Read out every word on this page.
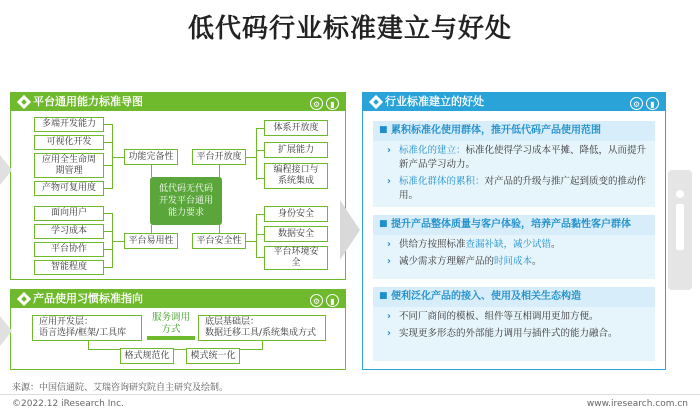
低代码行业标准建立与好处
平台通用能力标准导图	⚙ ▮
多端开发能力
可视化开发
应用全生命周期管理
产物可复用度
面向用户
学习成本
平台协作
智能程度
功能完备性
平台易用性
平台开放度
平台安全性
低代码无代码开发平台通用能力要求
体系开放度
扩展能力
编程接口与系统集成
身份安全
数据安全
平台环境安全
产品使用习惯标准指向	⚙ ▮
应用开发层：
语言选择/框架/工具库
服务调用方式
底层基础层：
数据迁移工具/系统集成方式
格式规范化 模式统一化
行业标准建立的好处	⚙ ▮
■ 累积标准化使用群体，推开低代码产品使用范围
› 标准化的建立：标准化使得学习成本平摊、降低，从而提升新产品学习动力。
› 标准化群体的累积：对产品的升级与推广起到质变的推动作用。
■ 提升产品整体质量与客户体验，培养产品黏性客户群体
› 供给方按照标准查漏补缺，减少试错。
› 减少需求方理解产品的时间成本。
■ 便利泛化产品的接入、使用及相关生态构造
› 不同厂商间的模板、组件等互相调用更加方便。
› 实现更多形态的外部能力调用与插件式的能力融合。
来源：中国信通院、艾瑞咨询研究院自主研究及绘制。
©2022.12 iResearch Inc.	www.iresearch.com.cn
